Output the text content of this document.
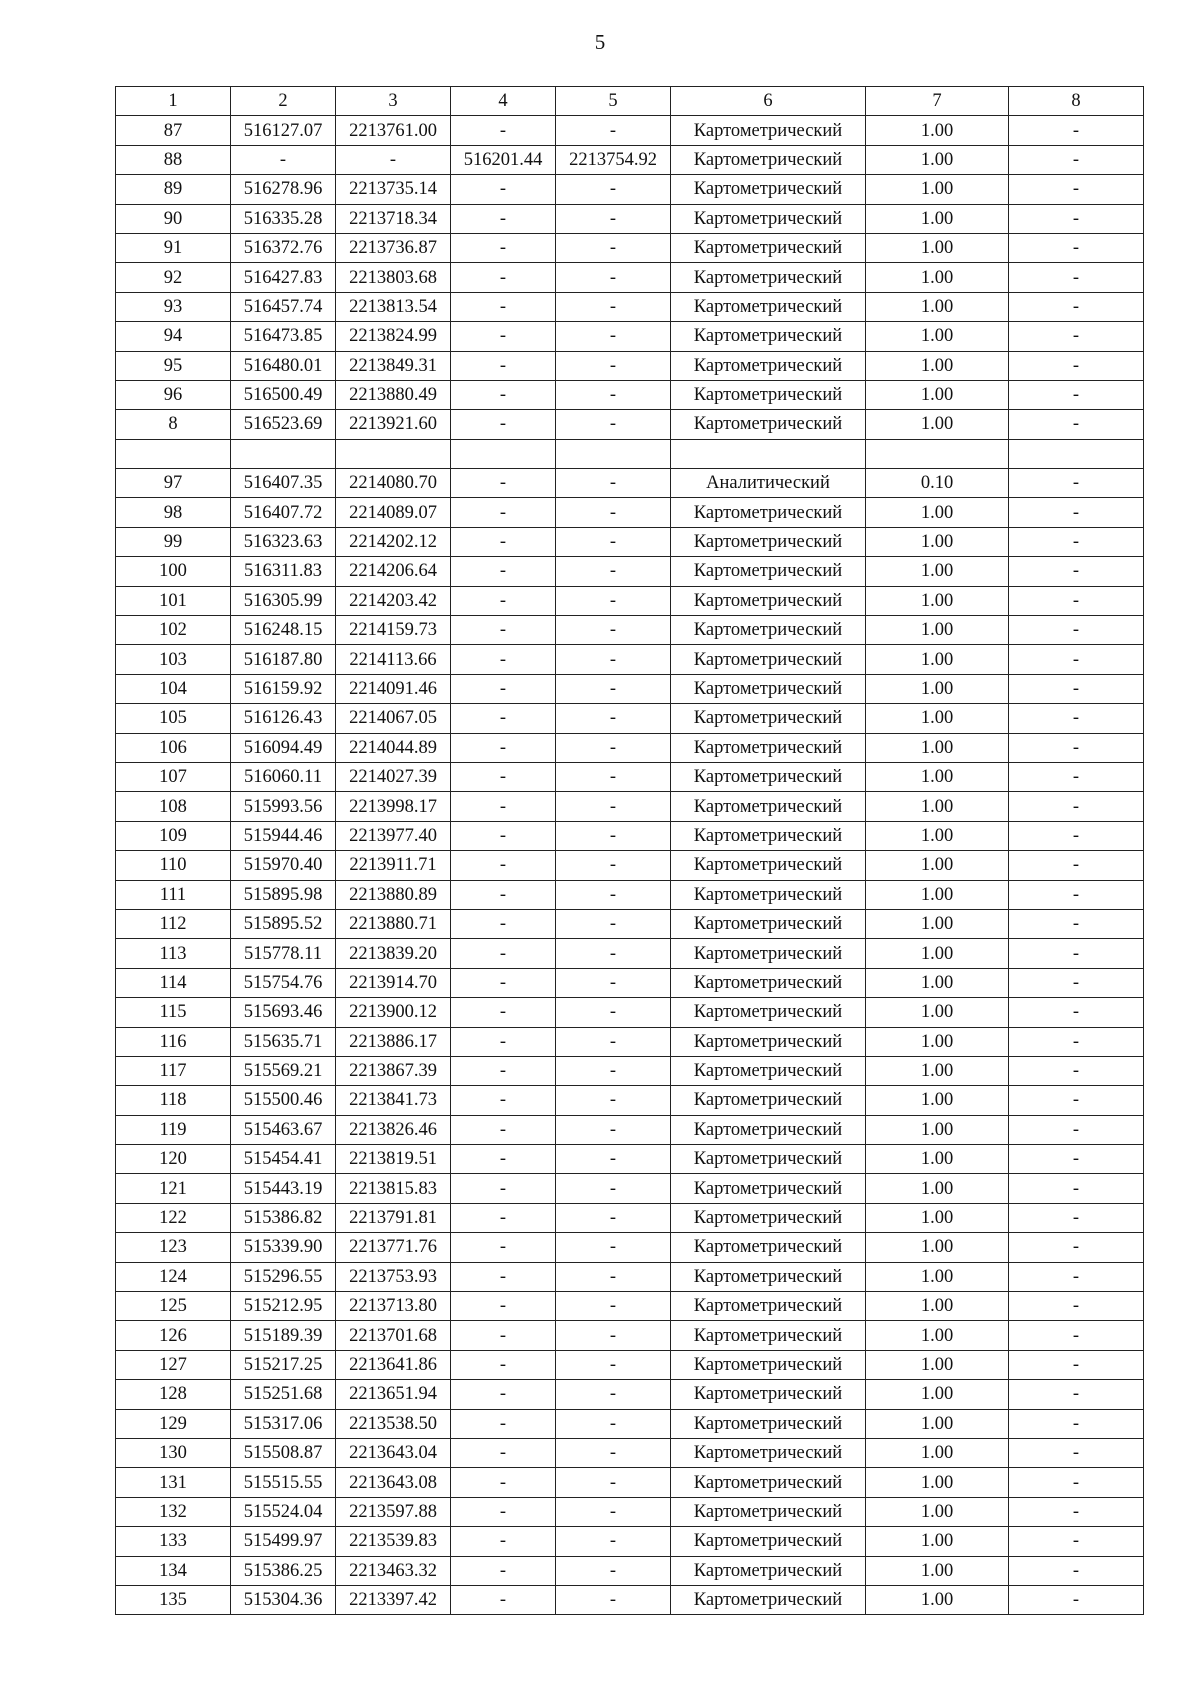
5
1	2	3	4	5	6	7	8
87	516127.07	2213761.00	-	-	Картометрический	1.00	-
88	-	-	516201.44	2213754.92	Картометрический	1.00	-
89	516278.96	2213735.14	-	-	Картометрический	1.00	-
90	516335.28	2213718.34	-	-	Картометрический	1.00	-
91	516372.76	2213736.87	-	-	Картометрический	1.00	-
92	516427.83	2213803.68	-	-	Картометрический	1.00	-
93	516457.74	2213813.54	-	-	Картометрический	1.00	-
94	516473.85	2213824.99	-	-	Картометрический	1.00	-
95	516480.01	2213849.31	-	-	Картометрический	1.00	-
96	516500.49	2213880.49	-	-	Картометрический	1.00	-
8	516523.69	2213921.60	-	-	Картометрический	1.00	-

97	516407.35	2214080.70	-	-	Аналитический	0.10	-
98	516407.72	2214089.07	-	-	Картометрический	1.00	-
99	516323.63	2214202.12	-	-	Картометрический	1.00	-
100	516311.83	2214206.64	-	-	Картометрический	1.00	-
101	516305.99	2214203.42	-	-	Картометрический	1.00	-
102	516248.15	2214159.73	-	-	Картометрический	1.00	-
103	516187.80	2214113.66	-	-	Картометрический	1.00	-
104	516159.92	2214091.46	-	-	Картометрический	1.00	-
105	516126.43	2214067.05	-	-	Картометрический	1.00	-
106	516094.49	2214044.89	-	-	Картометрический	1.00	-
107	516060.11	2214027.39	-	-	Картометрический	1.00	-
108	515993.56	2213998.17	-	-	Картометрический	1.00	-
109	515944.46	2213977.40	-	-	Картометрический	1.00	-
110	515970.40	2213911.71	-	-	Картометрический	1.00	-
111	515895.98	2213880.89	-	-	Картометрический	1.00	-
112	515895.52	2213880.71	-	-	Картометрический	1.00	-
113	515778.11	2213839.20	-	-	Картометрический	1.00	-
114	515754.76	2213914.70	-	-	Картометрический	1.00	-
115	515693.46	2213900.12	-	-	Картометрический	1.00	-
116	515635.71	2213886.17	-	-	Картометрический	1.00	-
117	515569.21	2213867.39	-	-	Картометрический	1.00	-
118	515500.46	2213841.73	-	-	Картометрический	1.00	-
119	515463.67	2213826.46	-	-	Картометрический	1.00	-
120	515454.41	2213819.51	-	-	Картометрический	1.00	-
121	515443.19	2213815.83	-	-	Картометрический	1.00	-
122	515386.82	2213791.81	-	-	Картометрический	1.00	-
123	515339.90	2213771.76	-	-	Картометрический	1.00	-
124	515296.55	2213753.93	-	-	Картометрический	1.00	-
125	515212.95	2213713.80	-	-	Картометрический	1.00	-
126	515189.39	2213701.68	-	-	Картометрический	1.00	-
127	515217.25	2213641.86	-	-	Картометрический	1.00	-
128	515251.68	2213651.94	-	-	Картометрический	1.00	-
129	515317.06	2213538.50	-	-	Картометрический	1.00	-
130	515508.87	2213643.04	-	-	Картометрический	1.00	-
131	515515.55	2213643.08	-	-	Картометрический	1.00	-
132	515524.04	2213597.88	-	-	Картометрический	1.00	-
133	515499.97	2213539.83	-	-	Картометрический	1.00	-
134	515386.25	2213463.32	-	-	Картометрический	1.00	-
135	515304.36	2213397.42	-	-	Картометрический	1.00	-
